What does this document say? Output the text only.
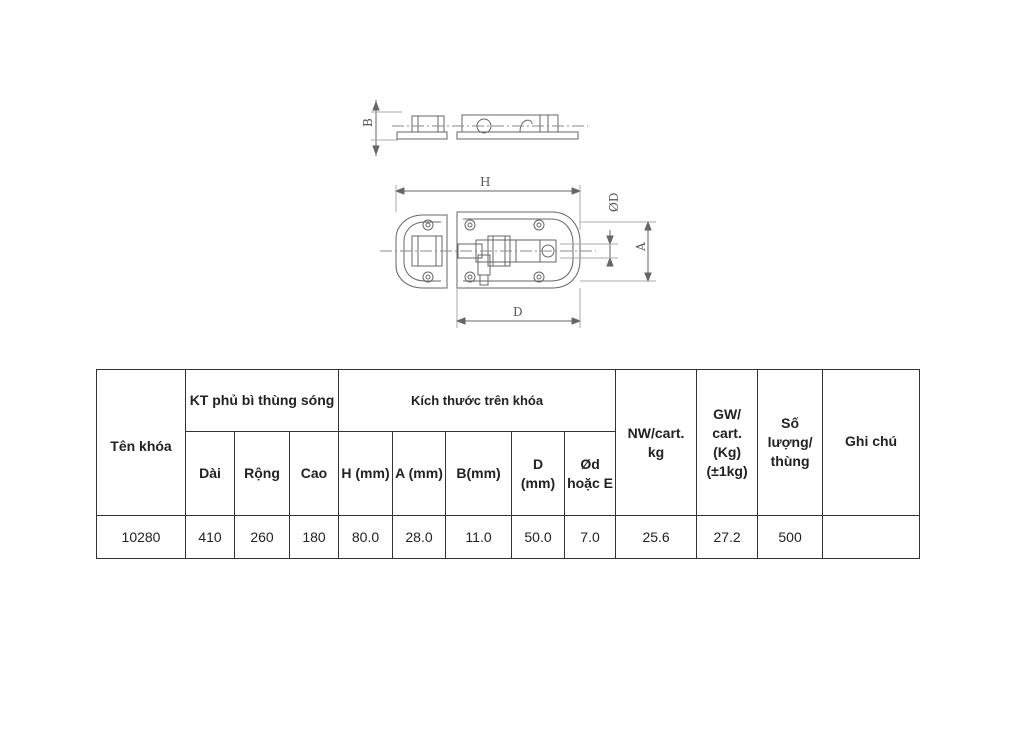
B
H
ØD
A
D
Tên khóa	KT phủ bì thùng sóng			Kích thước trên khóa					NW/cart. kg	GW/ cart. (Kg) (±1kg)	Số lượng/ thùng	Ghi chú
	Dài	Rộng	Cao	H (mm)	A (mm)	B(mm)	D (mm)	Ød hoặc E				
10280	410	260	180	80.0	28.0	11.0	50.0	7.0	25.6	27.2	500	
